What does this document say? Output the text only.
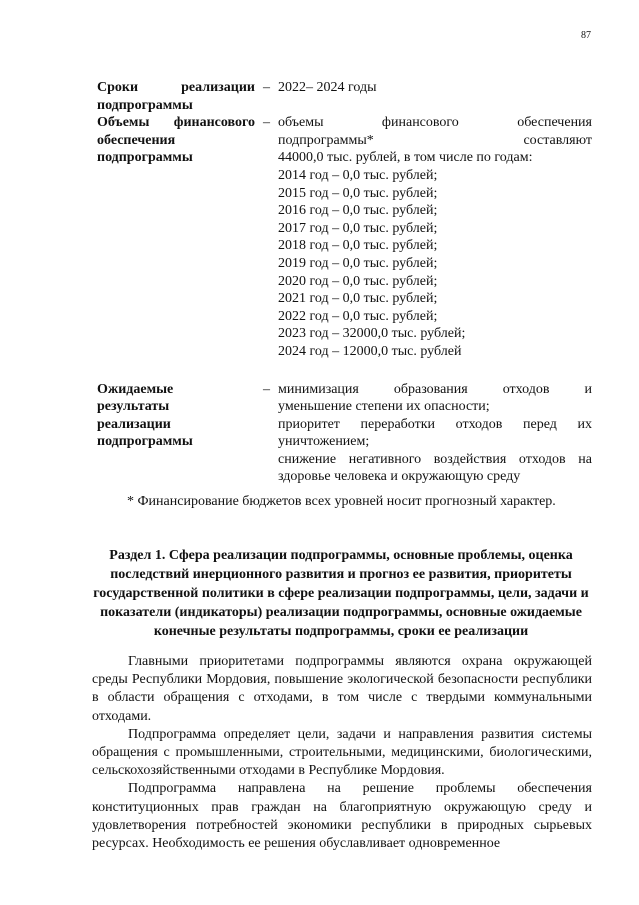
87
Сроки реализации
подпрограммы
– 2022– 2024 годы
Объемы финансового
обеспечения
подпрограммы
– объемы финансового обеспечения
подпрограммы* составляют
44000,0 тыс. рублей, в том числе по годам:
2014 год – 0,0 тыс. рублей;
2015 год – 0,0 тыс. рублей;
2016 год – 0,0 тыс. рублей;
2017 год – 0,0 тыс. рублей;
2018 год – 0,0 тыс. рублей;
2019 год – 0,0 тыс. рублей;
2020 год – 0,0 тыс. рублей;
2021 год – 0,0 тыс. рублей;
2022 год – 0,0 тыс. рублей;
2023 год – 32000,0 тыс. рублей;
2024 год – 12000,0 тыс. рублей
Ожидаемые
результаты
реализации
подпрограммы
– минимизация образования отходов и
уменьшение степени их опасности;
приоритет переработки отходов перед их
уничтожением;
снижение негативного воздействия отходов на
здоровье человека и окружающую среду
* Финансирование бюджетов всех уровней носит прогнозный характер.
Раздел 1. Сфера реализации подпрограммы, основные проблемы, оценка последствий инерционного развития и прогноз ее развития, приоритеты государственной политики в сфере реализации подпрограммы, цели, задачи и показатели (индикаторы) реализации подпрограммы, основные ожидаемые конечные результаты подпрограммы, сроки ее реализации

Главными приоритетами подпрограммы являются охрана окружающей среды Республики Мордовия, повышение экологической безопасности республики в области обращения с отходами, в том числе с твердыми коммунальными отходами.

Подпрограмма определяет цели, задачи и направления развития системы обращения с промышленными, строительными, медицинскими, биологическими, сельскохозяйственными отходами в Республике Мордовия.

Подпрограмма направлена на решение проблемы обеспечения конституционных прав граждан на благоприятную окружающую среду и удовлетворения потребностей экономики республики в природных сырьевых ресурсах. Необходимость ее решения обуславливает одновременное
